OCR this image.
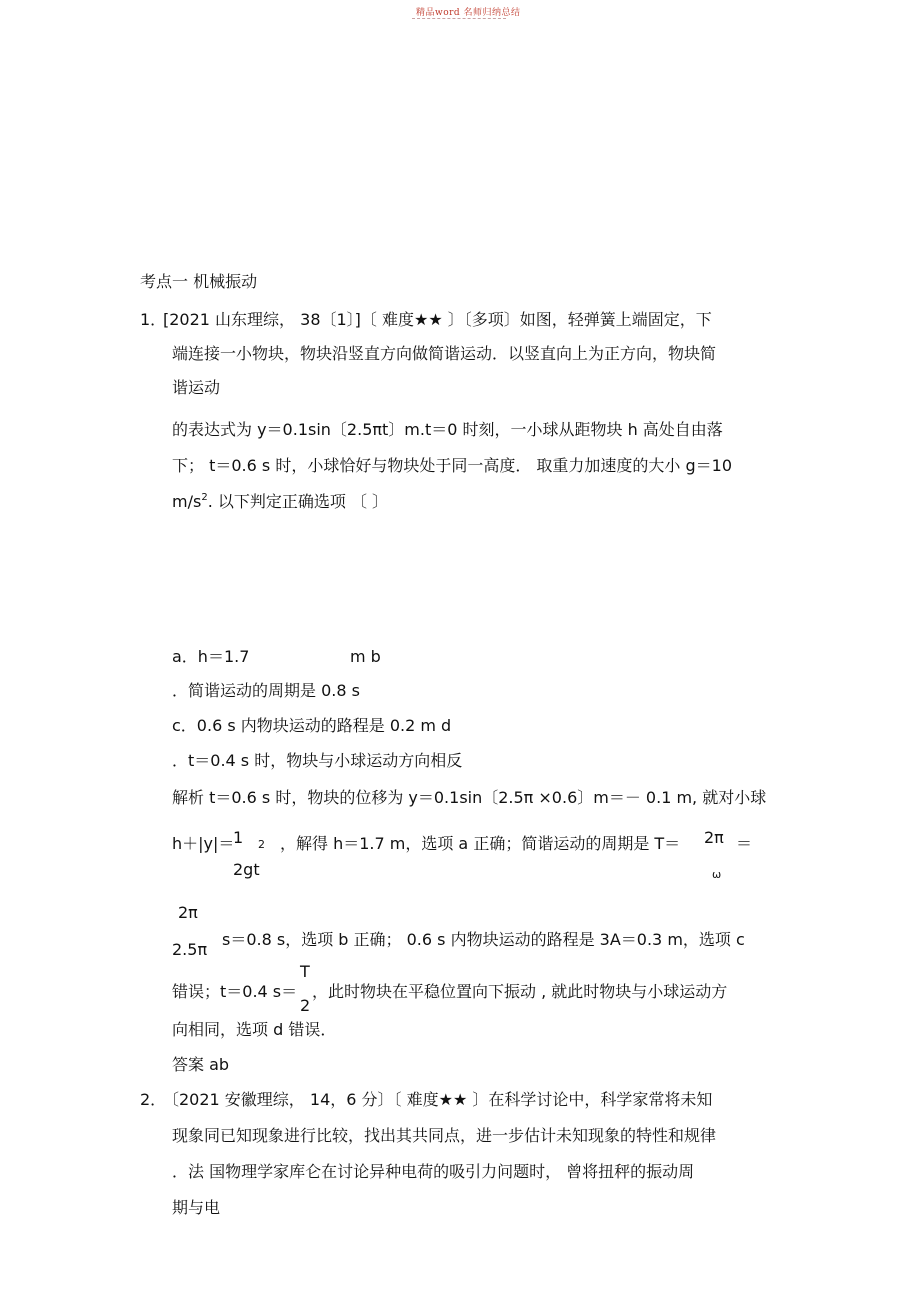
精品word 名师归纳总结
考点一 机械振动
1．
[2021 山东理综， 38〔1〕]〔 难度★★ 〕〔多项〕如图，轻弹簧上端固定，下
端连接一小物块，物块沿竖直方向做简谐运动．以竖直向上为正方向，物块简
谐运动
的表达式为 y＝0.1sin〔2.5πt〕m.t＝0 时刻，一小球从距物块 h 高处自由落
下； t＝0.6 s 时，小球恰好与物块处于同一高度． 取重力加速度的大小 g＝10
$m/s^2$. 以下判定正确选项 〔 〕
a．h＝1.7	m b
．简谐运动的周期是 0.8 s
c．0.6 s 内物块运动的路程是 0.2 m d
．t＝0.4 s 时，物块与小球运动方向相反
解析 t＝0.6 s 时，物块的位移为 y＝0.1sin〔2.5π ×0.6〕m＝－ 0.1 m, 就对小球
h＋|y|＝
1 2 ，解得 h＝1.7 m，选项 a 正确；简谐运动的周期是 T＝ 2π ＝
2gt	ω
2π
2.5π
s＝0.8 s，选项 b 正确； 0.6 s 内物块运动的路程是 3A＝0.3 m，选项 c
T
错误；t＝0.4 s＝
2
，此时物块在平稳位置向下振动 , 就此时物块与小球运动方
向相同，选项 d 错误．
答案 ab
2．
〔2021 安徽理综， 14，6 分〕〔 难度★★ 〕在科学讨论中，科学家常将未知
现象同已知现象进行比较，找出其共同点，进一步估计未知现象的特性和规律
．法 国物理学家库仑在讨论异种电荷的吸引力问题时， 曾将扭秤的振动周
期与电
